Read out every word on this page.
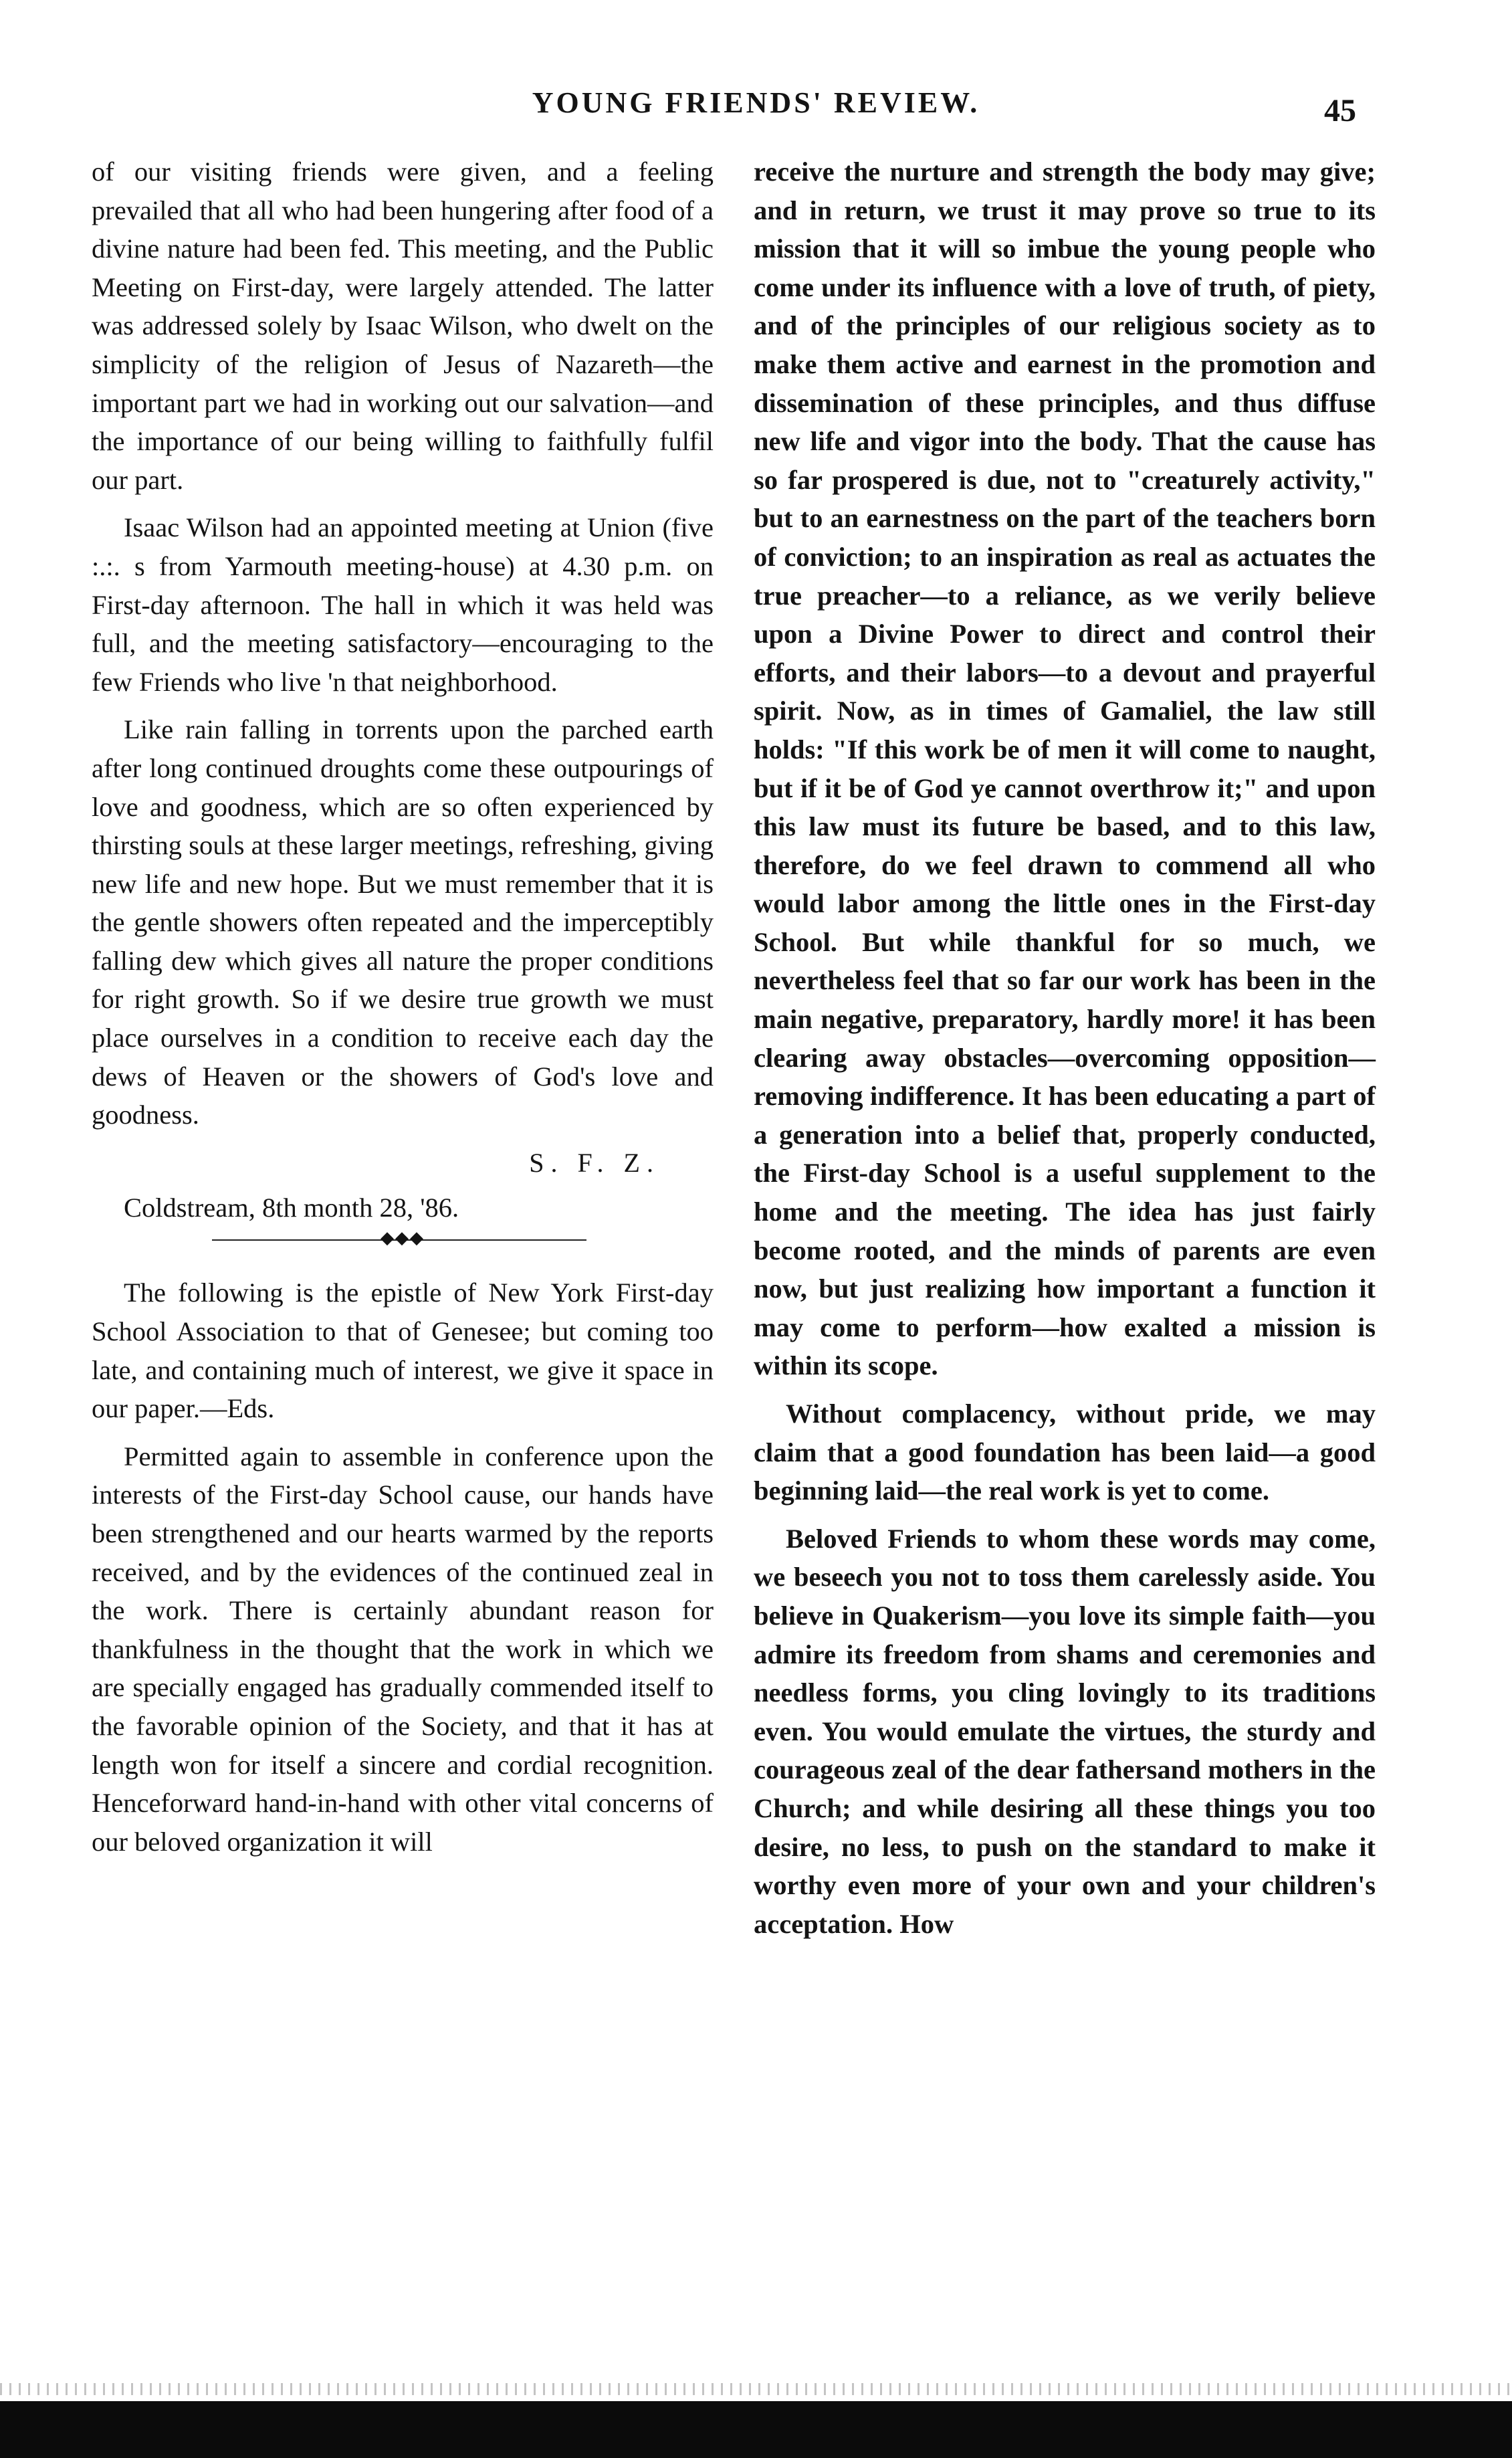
YOUNG FRIENDS' REVIEW.	45

of our visiting friends were given, and a feeling prevailed that all who had been hungering after food of a divine nature had been fed. This meeting, and the Public Meeting on First-day, were largely attended. The latter was addressed solely by Isaac Wilson, who dwelt on the simplicity of the religion of Jesus of Nazareth—the important part we had in working out our salvation—and the importance of our being willing to faithfully fulfil our part.

Isaac Wilson had an appointed meeting at Union (five :.:. s from Yarmouth meeting-house) at 4.30 p.m. on First-day afternoon. The hall in which it was held was full, and the meeting satisfactory—encouraging to the few Friends who live 'n that neighborhood.

Like rain falling in torrents upon the parched earth after long continued droughts come these outpourings of love and goodness, which are so often experienced by thirsting souls at these larger meetings, refreshing, giving new life and new hope. But we must remember that it is the gentle showers often repeated and the imperceptibly falling dew which gives all nature the proper conditions for right growth. So if we desire true growth we must place ourselves in a condition to receive each day the dews of Heaven or the showers of God's love and goodness.

S. F. Z.
Coldstream, 8th month 28, '86.
◆◆◆

The following is the epistle of New York First-day School Association to that of Genesee; but coming too late, and containing much of interest, we give it space in our paper.—Eds.

Permitted again to assemble in conference upon the interests of the First-day School cause, our hands have been strengthened and our hearts warmed by the reports received, and by the evidences of the continued zeal in the work. There is certainly abundant reason for thankfulness in the thought that the work in which we are specially engaged has gradually commended itself to the favorable opinion of the Society, and that it has at length won for itself a sincere and cordial recognition. Henceforward hand-in-hand with other vital concerns of our beloved organization it will

receive the nurture and strength the body may give; and in return, we trust it may prove so true to its mission that it will so imbue the young people who come under its influence with a love of truth, of piety, and of the principles of our religious society as to make them active and earnest in the promotion and dissemination of these principles, and thus diffuse new life and vigor into the body. That the cause has so far prospered is due, not to "creaturely activity," but to an earnestness on the part of the teachers born of conviction; to an inspiration as real as actuates the true preacher—to a reliance, as we verily believe upon a Divine Power to direct and control their efforts, and their labors—to a devout and prayerful spirit. Now, as in times of Gamaliel, the law still holds: "If this work be of men it will come to naught, but if it be of God ye cannot overthrow it;" and upon this law must its future be based, and to this law, therefore, do we feel drawn to commend all who would labor among the little ones in the First-day School. But while thankful for so much, we nevertheless feel that so far our work has been in the main negative, preparatory, hardly more! it has been clearing away obstacles—overcoming opposition—removing indifference. It has been educating a part of a generation into a belief that, properly conducted, the First-day School is a useful supplement to the home and the meeting. The idea has just fairly become rooted, and the minds of parents are even now, but just realizing how important a function it may come to perform—how exalted a mission is within its scope.

Without complacency, without pride, we may claim that a good foundation has been laid—a good beginning laid—the real work is yet to come.

Beloved Friends to whom these words may come, we beseech you not to toss them carelessly aside. You believe in Quakerism—you love its simple faith—you admire its freedom from shams and ceremonies and needless forms, you cling lovingly to its traditions even. You would emulate the virtues, the sturdy and courageous zeal of the dear fathersand mothers in the Church; and while desiring all these things you too desire, no less, to push on the standard to make it worthy even more of your own and your children's acceptation. How
